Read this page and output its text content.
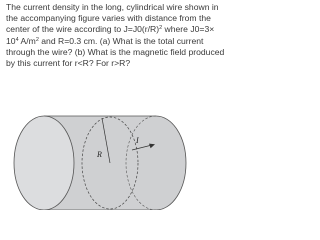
The current density in the long, cylindrical wire shown in
the accompanying figure varies with distance from the
center of the wire according to $J=J0(r/R)^2$ where J0=3×
$10^4$ $A/m^2$ and R=0.3 cm. (a) What is the total current
through the wire? (b) What is the magnetic field produced
by this current for r<R? For r>R?
R
I
